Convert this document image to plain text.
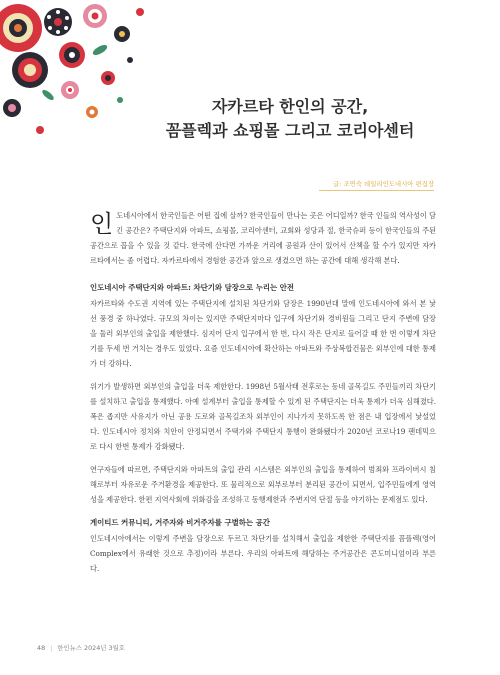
자카르타 한인의 공간,
꼼플렉과 쇼핑몰 그리고 코리아센터
글: 조연숙 데일리인도네시아 편집장

인 도네시아에서 한국인들은 어떤 집에 살까? 한국인들이 만나는 곳은 어디일까? 한국 인들의 역사성이 담긴 공간은? 주택단지와 아파트, 쇼핑몰, 코리아센터, 교회와 성당과 절, 한국슈퍼 등이 한국인들의 주된 공간으로 꼽을 수 있을 것 같다. 한국에 산다면 가까운 거리에 공원과 산이 있어서 산책을 할 수가 있지만 자카르타에서는 좀 어렵다. 자카르타에서 경험한 공간과 앞으로 생겼으면 하는 공간에 대해 생각해 본다.

인도네시아 주택단지와 아파트: 차단기와 담장으로 누리는 안전

자카르타와 수도권 지역에 있는 주택단지에 설치된 차단기와 담장은 1990년대 말에 인도네시아에 와서 본 낯선 풍경 중 하나였다. 규모의 차이는 있지만 주택단지마다 입구에 차단기와 경비원들 그리고 단지 주변에 담장을 둘러 외부인의 출입을 제한했다. 심지어 단지 입구에서 한 번, 다시 작은 단지로 들어갈 때 한 번 이렇게 차단기를 두세 번 거치는 경우도 있었다. 요즘 인도네시아에 확산하는 아파트와 주상복합건물은 외부인에 대한 통제가 더 강하다.

위기가 발생하면 외부인의 출입을 더욱 제한한다. 1998년 5월사태 전후로는 동네 골목길도 주민들끼리 차단기를 설치하고 출입을 통제했다. 아예 설계부터 출입을 통제할 수 있게 된 주택단지는 더욱 통제가 더욱 심해졌다. 폭은 좁지만 사유지가 아닌 공용 도로와 골목길조차 외부인이 지나가지 못하도록 한 점은 내 입장에서 낯설었다. 인도네시아 정치와 치안이 안정되면서 주택가와 주택단지 통행이 완화됐다가 2020년 코로나19 팬데믹으로 다시 한번 통제가 강화됐다.

연구자들에 따르면, 주택단지와 아파트의 출입 관리 시스템은 외부인의 출입을 통제하여 범죄와 프라이버시 침해로부터 자유로운 주거환경을 제공한다. 또 물리적으로 외부로부터 분리된 공간이 되면서, 입주민들에게 영역성을 제공한다. 한편 지역사회에 위화감을 조성하고 동행제한과 주변지역 단절 등을 야기하는 문제점도 있다.

게이티드 커뮤니티, 거주자와 비거주자를 구별하는 공간

인도네시아에서는 이렇게 주변을 담장으로 두르고 차단기를 설치해서 출입을 제한한 주택단지를 꼼플렉(영어 Complex에서 유래한 것으로 추정)이라 부른다. 우리의 아파트에 해당하는 주거공간은 콘도미니엄이라 부른다.

48 | 한인뉴스 2024년 3월호
